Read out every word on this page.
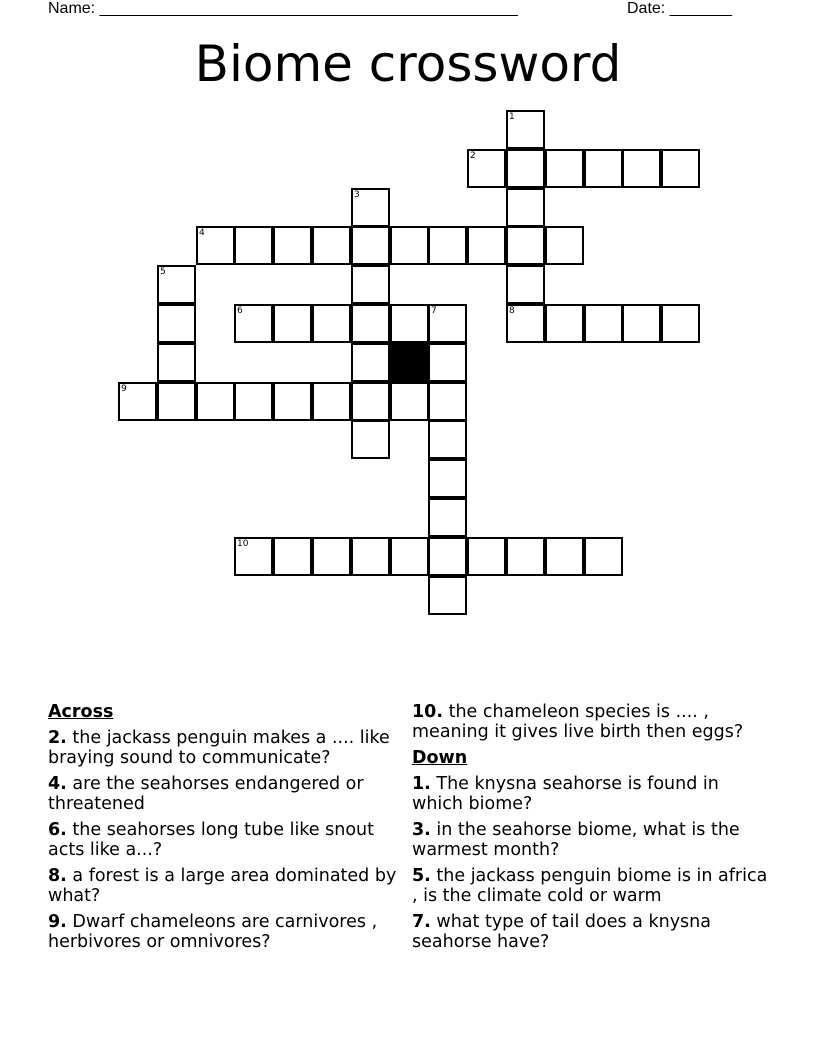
Name: _______________________________________________	Date: _______
Biome crossword
1
2
3
4
5
6	7	8
9
10
Across
2. the jackass penguin makes a .... like braying sound to communicate?
4. are the seahorses endangered or threatened
6. the seahorses long tube like snout acts like a...?
8. a forest is a large area dominated by what?
9. Dwarf chameleons are carnivores , herbivores or omnivores?
10. the chameleon species is .... , meaning it gives live birth then eggs?
Down
1. The knysna seahorse is found in which biome?
3. in the seahorse biome, what is the warmest month?
5. the jackass penguin biome is in africa , is the climate cold or warm
7. what type of tail does a knysna seahorse have?
